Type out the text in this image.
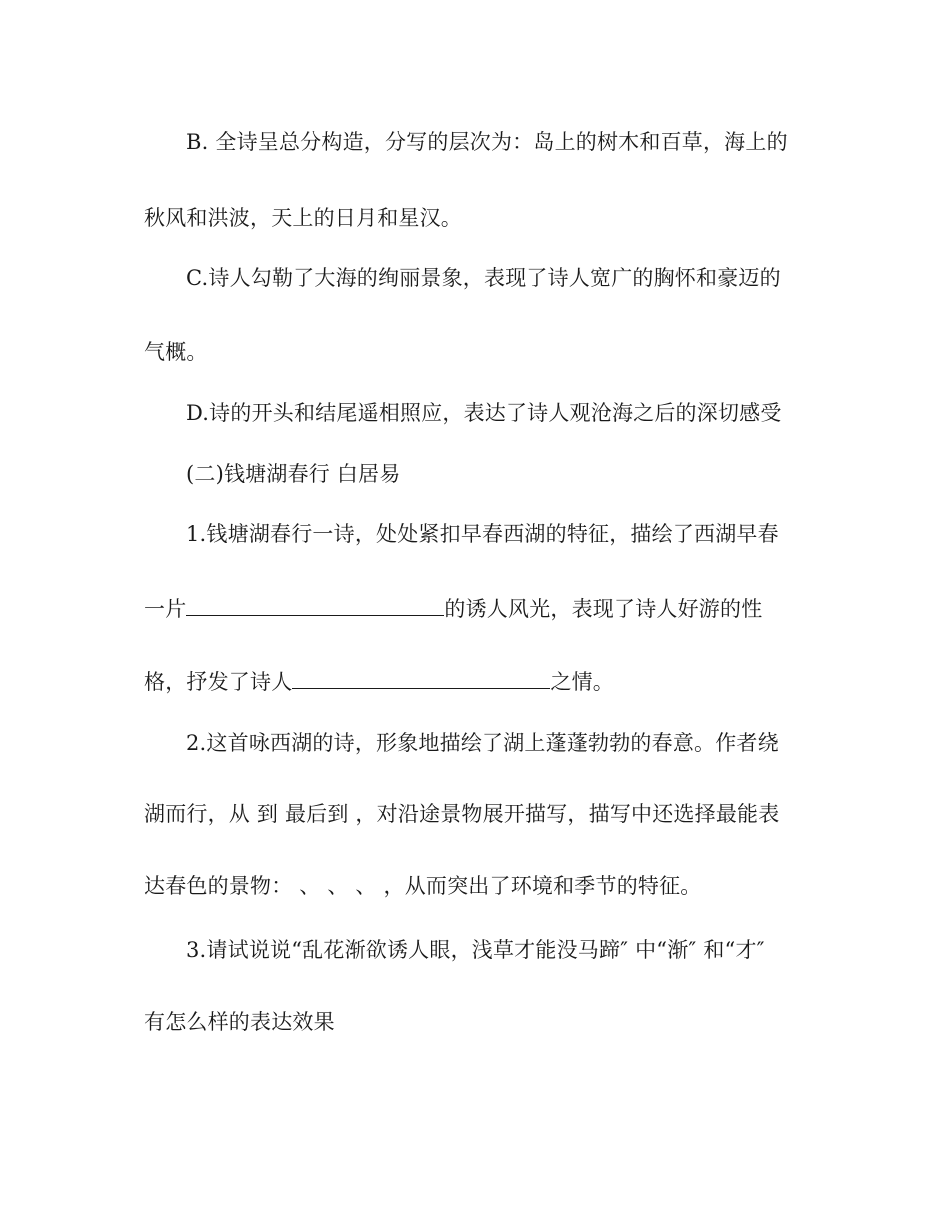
B. 全诗呈总分构造，分写的层次为：岛上的树木和百草，海上的
秋风和洪波，天上的日月和星汉。
C.诗人勾勒了大海的绚丽景象，表现了诗人宽广的胸怀和豪迈的
气概。
D.诗的开头和结尾遥相照应，表达了诗人观沧海之后的深切感受
(二)钱塘湖春行 白居易
1.钱塘湖春行一诗，处处紧扣早春西湖的特征，描绘了西湖早春
一片	的诱人风光，表现了诗人好游的性
格，抒发了诗人	之情。
2.这首咏西湖的诗，形象地描绘了湖上蓬蓬勃勃的春意。作者绕
湖而行，从 到 最后到 ，对沿途景物展开描写，描写中还选择最能表
达春色的景物： 、 、 、 ，从而突出了环境和季节的特征。
3.请试说说“乱花渐欲诱人眼，浅草才能没马蹄″ 中“渐″ 和“才″
有怎么样的表达效果
